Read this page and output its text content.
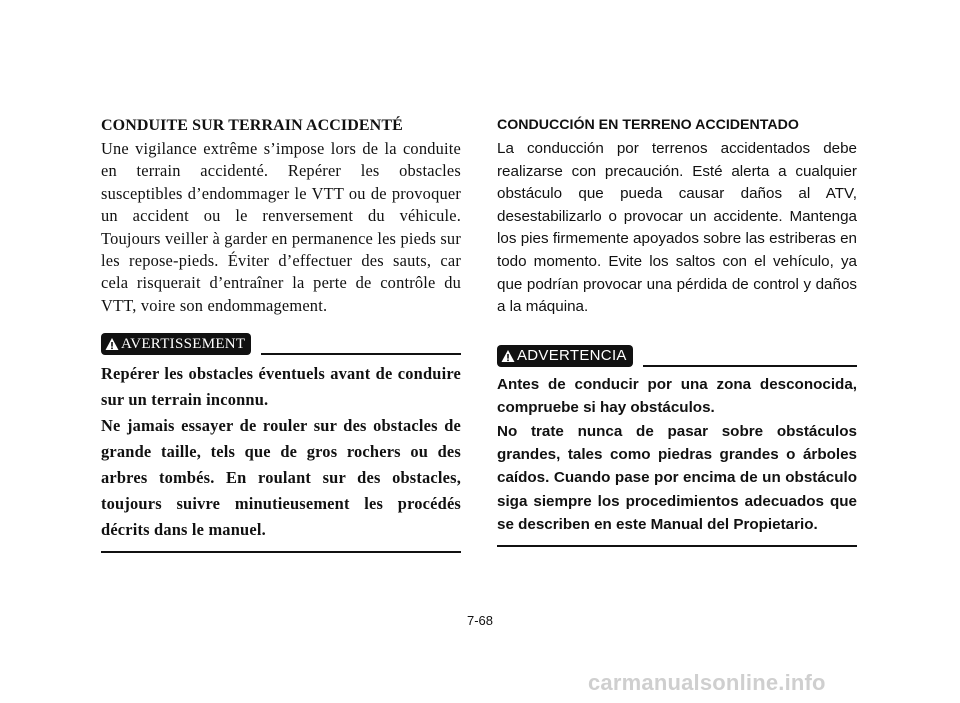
CONDUITE SUR TERRAIN ACCIDENTÉ

Une vigilance extrême s’impose lors de la conduite en terrain accidenté. Repérer les obstacles susceptibles d’endommager le VTT ou de provoquer un accident ou le renversement du véhicule. Toujours veiller à garder en permanence les pieds sur les repose-pieds. Éviter d’effectuer des sauts, car cela risquerait d’entraîner la perte de contrôle du VTT, voire son endommagement.

AVERTISSEMENT

Repérer les obstacles éventuels avant de conduire sur un terrain inconnu.

Ne jamais essayer de rouler sur des obstacles de grande taille, tels que de gros rochers ou des arbres tombés. En roulant sur des obstacles, toujours suivre minutieusement les procédés décrits dans le manuel.

CONDUCCIÓN EN TERRENO ACCIDENTADO

La conducción por terrenos accidentados debe realizarse con precaución. Esté alerta a cualquier obstáculo que pueda causar daños al ATV, desestabilizarlo o provocar un accidente. Mantenga los pies firmemente apoyados sobre las estriberas en todo momento. Evite los saltos con el vehículo, ya que podrían provocar una pérdida de control y daños a la máquina.

ADVERTENCIA

Antes de conducir por una zona desconocida, compruebe si hay obstáculos.

No trate nunca de pasar sobre obstáculos grandes, tales como piedras grandes o árboles caídos. Cuando pase por encima de un obstáculo siga siempre los procedimientos adecuados que se describen en este Manual del Propietario.

7-68
carmanualsonline.info
